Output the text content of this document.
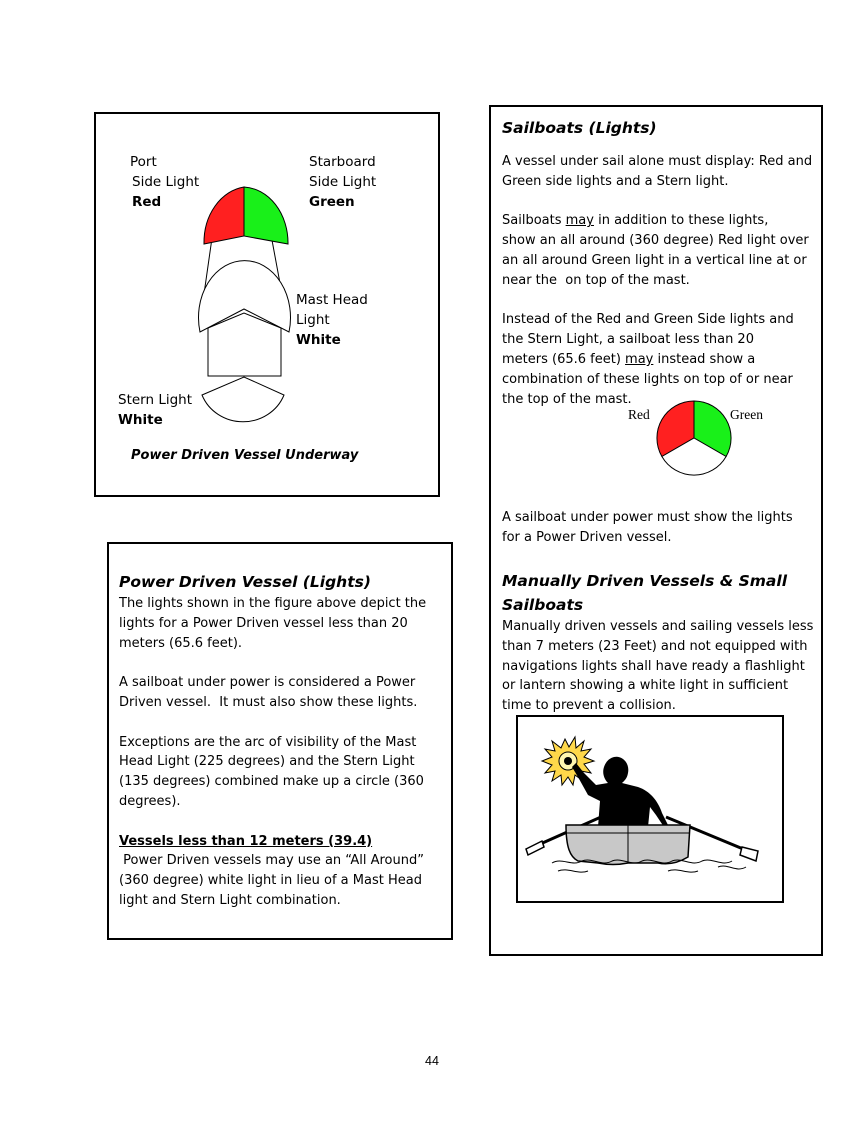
Port
Side Light
Red
Starboard
Side Light
Green
Mast Head
Light
White
Stern Light
White
Power Driven Vessel Underway
Power Driven Vessel (Lights)

The lights shown in the figure above depict the

lights for a Power Driven vessel less than 20

meters (65.6 feet).

A sailboat under power is considered a Power

Driven vessel.  It must also show these lights.

Exceptions are the arc of visibility of the Mast

Head Light (225 degrees) and the Stern Light

(135 degrees) combined make up a circle (360

degrees).

Vessels less than 12 meters (39.4)

Power Driven vessels may use an “All Around”

(360 degree) white light in lieu of a Mast Head

light and Stern Light combination.

Sailboats (Lights)

A vessel under sail alone must display: Red and

Green side lights and a Stern light.

Sailboats may in addition to these lights,

show an all around (360 degree) Red light over

an all around Green light in a vertical line at or

near the  on top of the mast.

Instead of the Red and Green Side lights and

the Stern Light, a sailboat less than 20

meters (65.6 feet) may instead show a

combination of these lights on top of or near

the top of the mast.

Red	Green

A sailboat under power must show the lights

for a Power Driven vessel.

Manually Driven Vessels & Small
Sailboats

Manually driven vessels and sailing vessels less

than 7 meters (23 Feet) and not equipped with

navigations lights shall have ready a flashlight

or lantern showing a white light in sufficient

time to prevent a collision.

44
